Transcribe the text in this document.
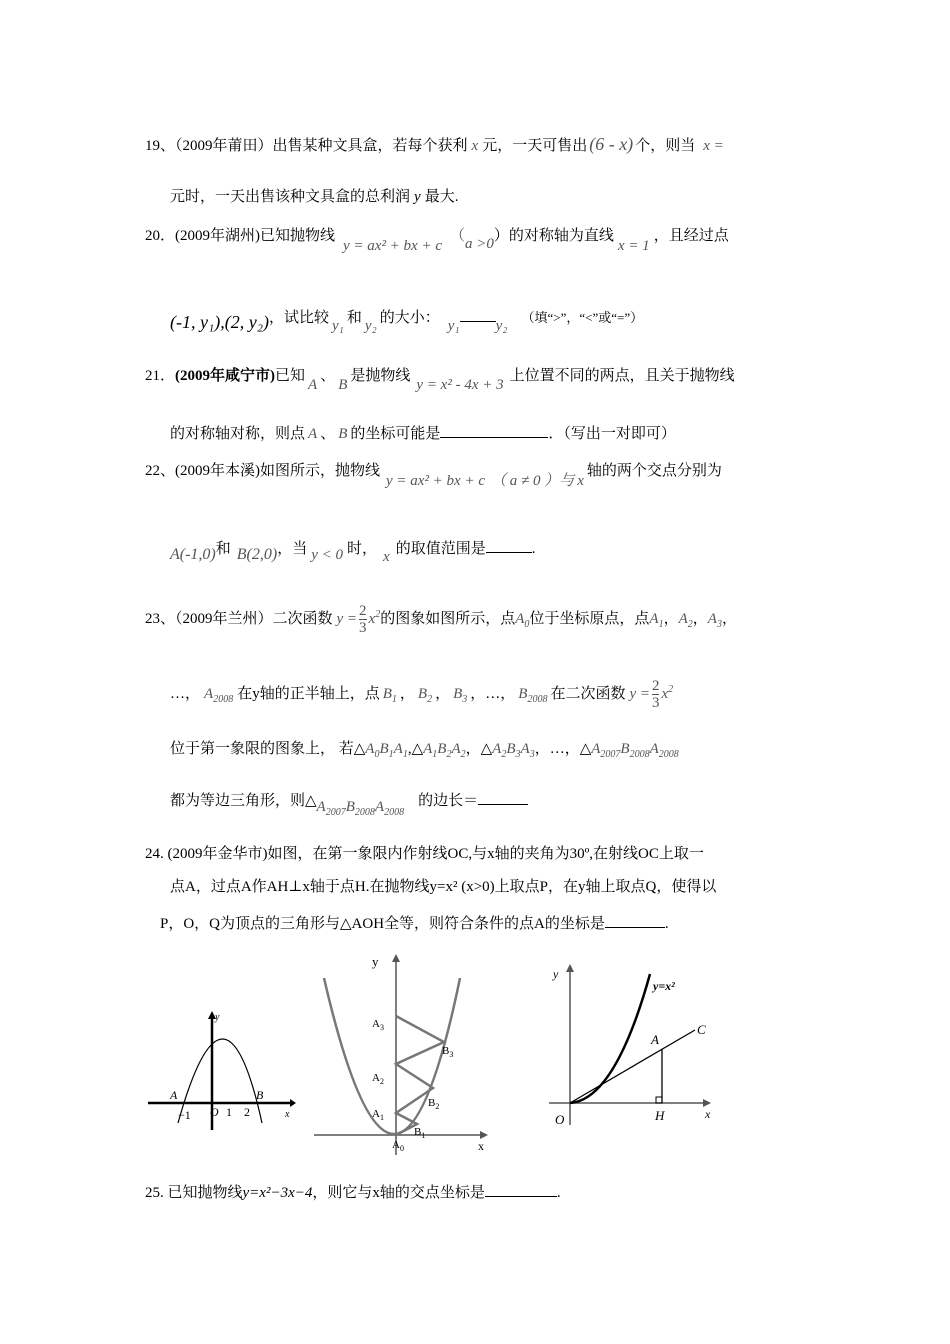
19、（2009年莆田）出售某种文具盒，若每个获利 x 元，一天可售出 (6 - x) 个，则当 x =
元时，一天出售该种文具盒的总利润 y 最大.
20．(2009年湖州)已知抛物线y = ax² + bx + c（a >0）的对称轴为直线x = 1，且经过点
(-1, y₁),(2, y₂)，试比较 y₁ 和 y₂ 的大小： y₁ y₂（填“>”，“<”或“=”）
21．(2009年咸宁市)已知A、B是抛物线y = x² - 4x + 3上位置不同的两点，且关于抛物线
的对称轴对称，则点 A 、 B 的坐标可能是	．（写出一对即可）
22、(2009年本溪)如图所示，抛物线y = ax² + bx + c （ a ≠ 0 ）与 x轴的两个交点分别为
A(-1,0)和 B(2,0)，当 y < 0 时， x 的取值范围是	.
23、（2009年兰州）二次函数 $y = \frac{2}{3} x^2$的图象如图所示，点$A_0$位于坐标原点，点$A_1$，$A_2$，$A_3$，
…， $A_{2008}$ 在y轴的正半轴上，点 $B_1$ ， $B_2$ ， $B_3$ ，…， $B_{2008}$ 在二次函数 $y = \frac{2}{3} x^2$
位于第一象限的图象上， 若$\triangle A_0B_1A_1,\triangle A_1B_2A_2$，$\triangle A_2B_3A_3$，…，$\triangle A_{2007}B_{2008}A_{2008}$
都为等边三角形，则$\triangle A_{2007}B_{2008}A_{2008}$的边长＝
24. (2009年金华市)如图，在第一象限内作射线OC,与x轴的夹角为30º,在射线OC上取一
点A，过点A作AH⊥x轴于点H.在抛物线y=x² (x>0)上取点P，在y轴上取点Q，使得以
P，O，Q为顶点的三角形与△AOH全等，则符合条件的点A的坐标是	.
y
x
A	B
−1 O 1 2
y
x
$A_0$
$A_1$
$A_2$
$A_3$
$B_1$
$B_2$
$B_3$
y
x
y=x²
A
C
O	H
25. 已知抛物线y=x²−3x−4，则它与x轴的交点坐标是	.
